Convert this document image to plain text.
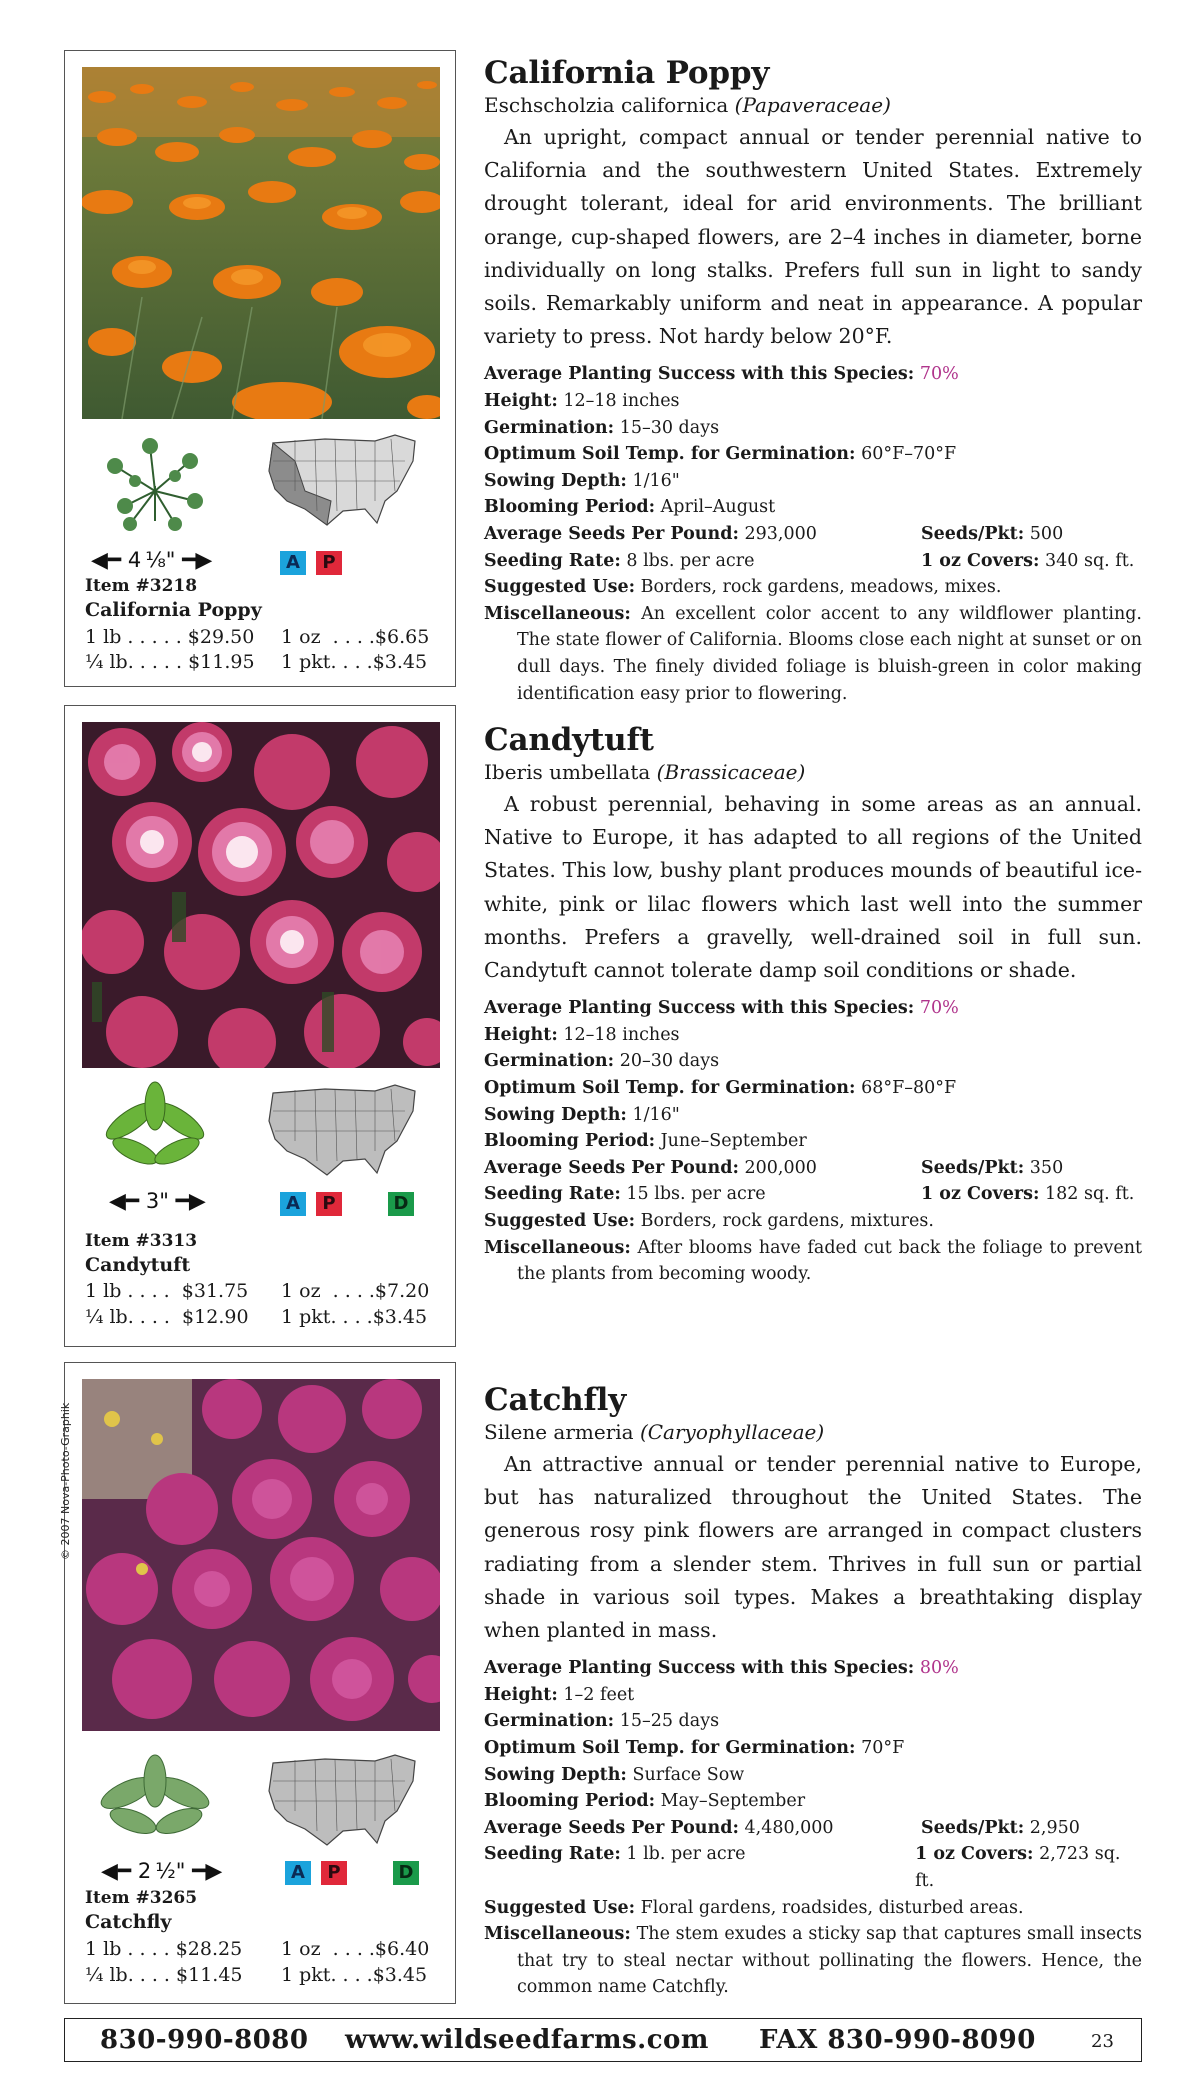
◀━ 4 ¹⁄₈" ━▶	A	P
Item #3218
California Poppy
1 lb . . . . . $29.50 1 oz  . . . .$6.65
¼ lb. . . . . $11.95 1 pkt. . . .$3.45
◀━ 3" ━▶	A	P	D
Item #3313
Candytuft
1 lb . . . .  $31.75 1 oz  . . . .$7.20
¼ lb. . . .  $12.90 1 pkt. . . .$3.45
◀━ 2 ¹⁄₂" ━▶	A	P	D
Item #3265
Catchfly
1 lb . . . . $28.25 1 oz  . . . .$6.40
¼ lb. . . . $11.45 1 pkt. . . .$3.45
© 2007 Nova-Photo-Graphik
California Poppy
Eschscholzia californica (Papaveraceae)
An upright, compact annual or tender perennial native to California and the southwestern United States. Extremely drought tolerant, ideal for arid environments. The brilliant orange, cup-shaped flowers, are 2–4 inches in diameter, borne individually on long stalks. Prefers full sun in light to sandy soils. Remarkably uniform and neat in appearance. A popular variety to press. Not hardy below 20°F.
Average Planting Success with this Species: 70%
Height: 12–18 inches
Germination: 15–30 days
Optimum Soil Temp. for Germination: 60°F–70°F
Sowing Depth: 1/16"
Blooming Period: April–August
Average Seeds Per Pound: 293,000	Seeds/Pkt: 500
Seeding Rate: 8 lbs. per acre	1 oz Covers: 340 sq. ft.
Suggested Use: Borders, rock gardens, meadows, mixes.
Miscellaneous: An excellent color accent to any wildflower planting. The state flower of California. Blooms close each night at sunset or on dull days. The finely divided foliage is bluish-green in color making identification easy prior to flowering.
Candytuft
Iberis umbellata (Brassicaceae)
A robust perennial, behaving in some areas as an annual. Native to Europe, it has adapted to all regions of the United States. This low, bushy plant produces mounds of beautiful ice-white, pink or lilac flowers which last well into the summer months. Prefers a gravelly, well-drained soil in full sun. Candytuft cannot tolerate damp soil conditions or shade.
Average Planting Success with this Species: 70%
Height: 12–18 inches
Germination: 20–30 days
Optimum Soil Temp. for Germination: 68°F–80°F
Sowing Depth: 1/16"
Blooming Period: June–September
Average Seeds Per Pound: 200,000	Seeds/Pkt: 350
Seeding Rate: 15 lbs. per acre	1 oz Covers: 182 sq. ft.
Suggested Use: Borders, rock gardens, mixtures.
Miscellaneous: After blooms have faded cut back the foliage to prevent the plants from becoming woody.
Catchfly
Silene armeria (Caryophyllaceae)
An attractive annual or tender perennial native to Europe, but has naturalized throughout the United States. The generous rosy pink flowers are arranged in compact clusters radiating from a slender stem. Thrives in full sun or partial shade in various soil types. Makes a breathtaking display when planted in mass.
Average Planting Success with this Species: 80%
Height: 1–2 feet
Germination: 15–25 days
Optimum Soil Temp. for Germination: 70°F
Sowing Depth: Surface Sow
Blooming Period: May–September
Average Seeds Per Pound: 4,480,000	Seeds/Pkt: 2,950
Seeding Rate: 1 lb. per acre	1 oz Covers: 2,723 sq. ft.
Suggested Use: Floral gardens, roadsides, disturbed areas.
Miscellaneous: The stem exudes a sticky sap that captures small insects that try to steal nectar without pollinating the flowers. Hence, the common name Catchfly.
830-990-8080 www.wildseedfarms.com FAX 830-990-8090	23
